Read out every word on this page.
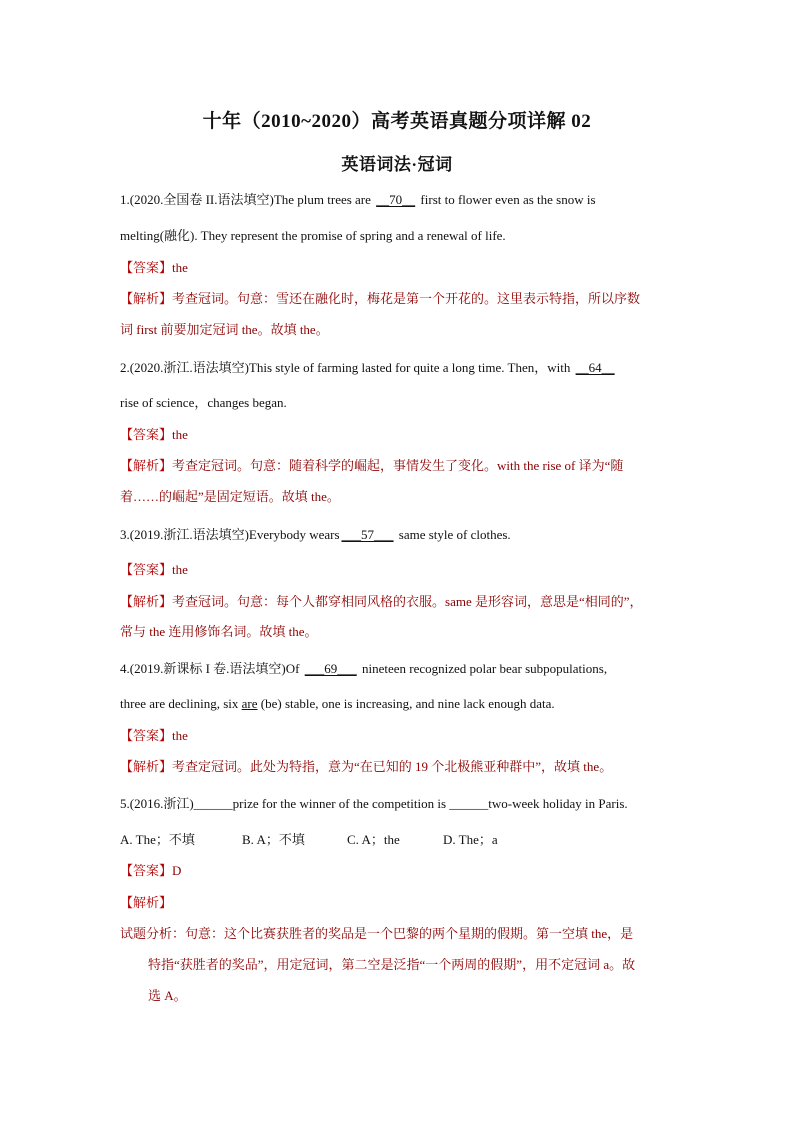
十年（2010~2020）高考英语真题分项详解 02
英语词法·冠词
1.(2020.全国卷 II.语法填空)The plum trees are __70__ first to flower even as the snow is
melting(融化). They represent the promise of spring and a renewal of life.
【答案】the
【解析】考查冠词。句意：雪还在融化时，梅花是第一个开花的。这里表示特指，所以序数
词 first 前要加定冠词 the。故填 the。
2.(2020.浙江.语法填空)This style of farming lasted for quite a long time. Then，with __64__
rise of science，changes began.
【答案】the
【解析】考查定冠词。句意：随着科学的崛起，事情发生了变化。with the rise of 译为“随
着……的崛起”是固定短语。故填 the。
3.(2019.浙江.语法填空)Everybody wears ___57___ same style of clothes.
【答案】the
【解析】考查冠词。句意：每个人都穿相同风格的衣服。same 是形容词，意思是“相同的”，
常与 the 连用修饰名词。故填 the。
4.(2019.新课标 I 卷.语法填空)Of ___69___ nineteen recognized polar bear subpopulations,
three are declining, six are (be) stable, one is increasing, and nine lack enough data.
【答案】the
【解析】考查定冠词。此处为特指，意为“在已知的 19 个北极熊亚种群中”，故填 the。
5.(2016.浙江)______prize for the winner of the competition is ______two-week holiday in Paris.
A. The；不填	B. A；不填	C. A；the	D. The；a
【答案】D
【解析】
试题分析：句意：这个比赛获胜者的奖品是一个巴黎的两个星期的假期。第一空填 the，是
特指“获胜者的奖品”，用定冠词，第二空是泛指“一个两周的假期”，用不定冠词 a。故
选 A。
